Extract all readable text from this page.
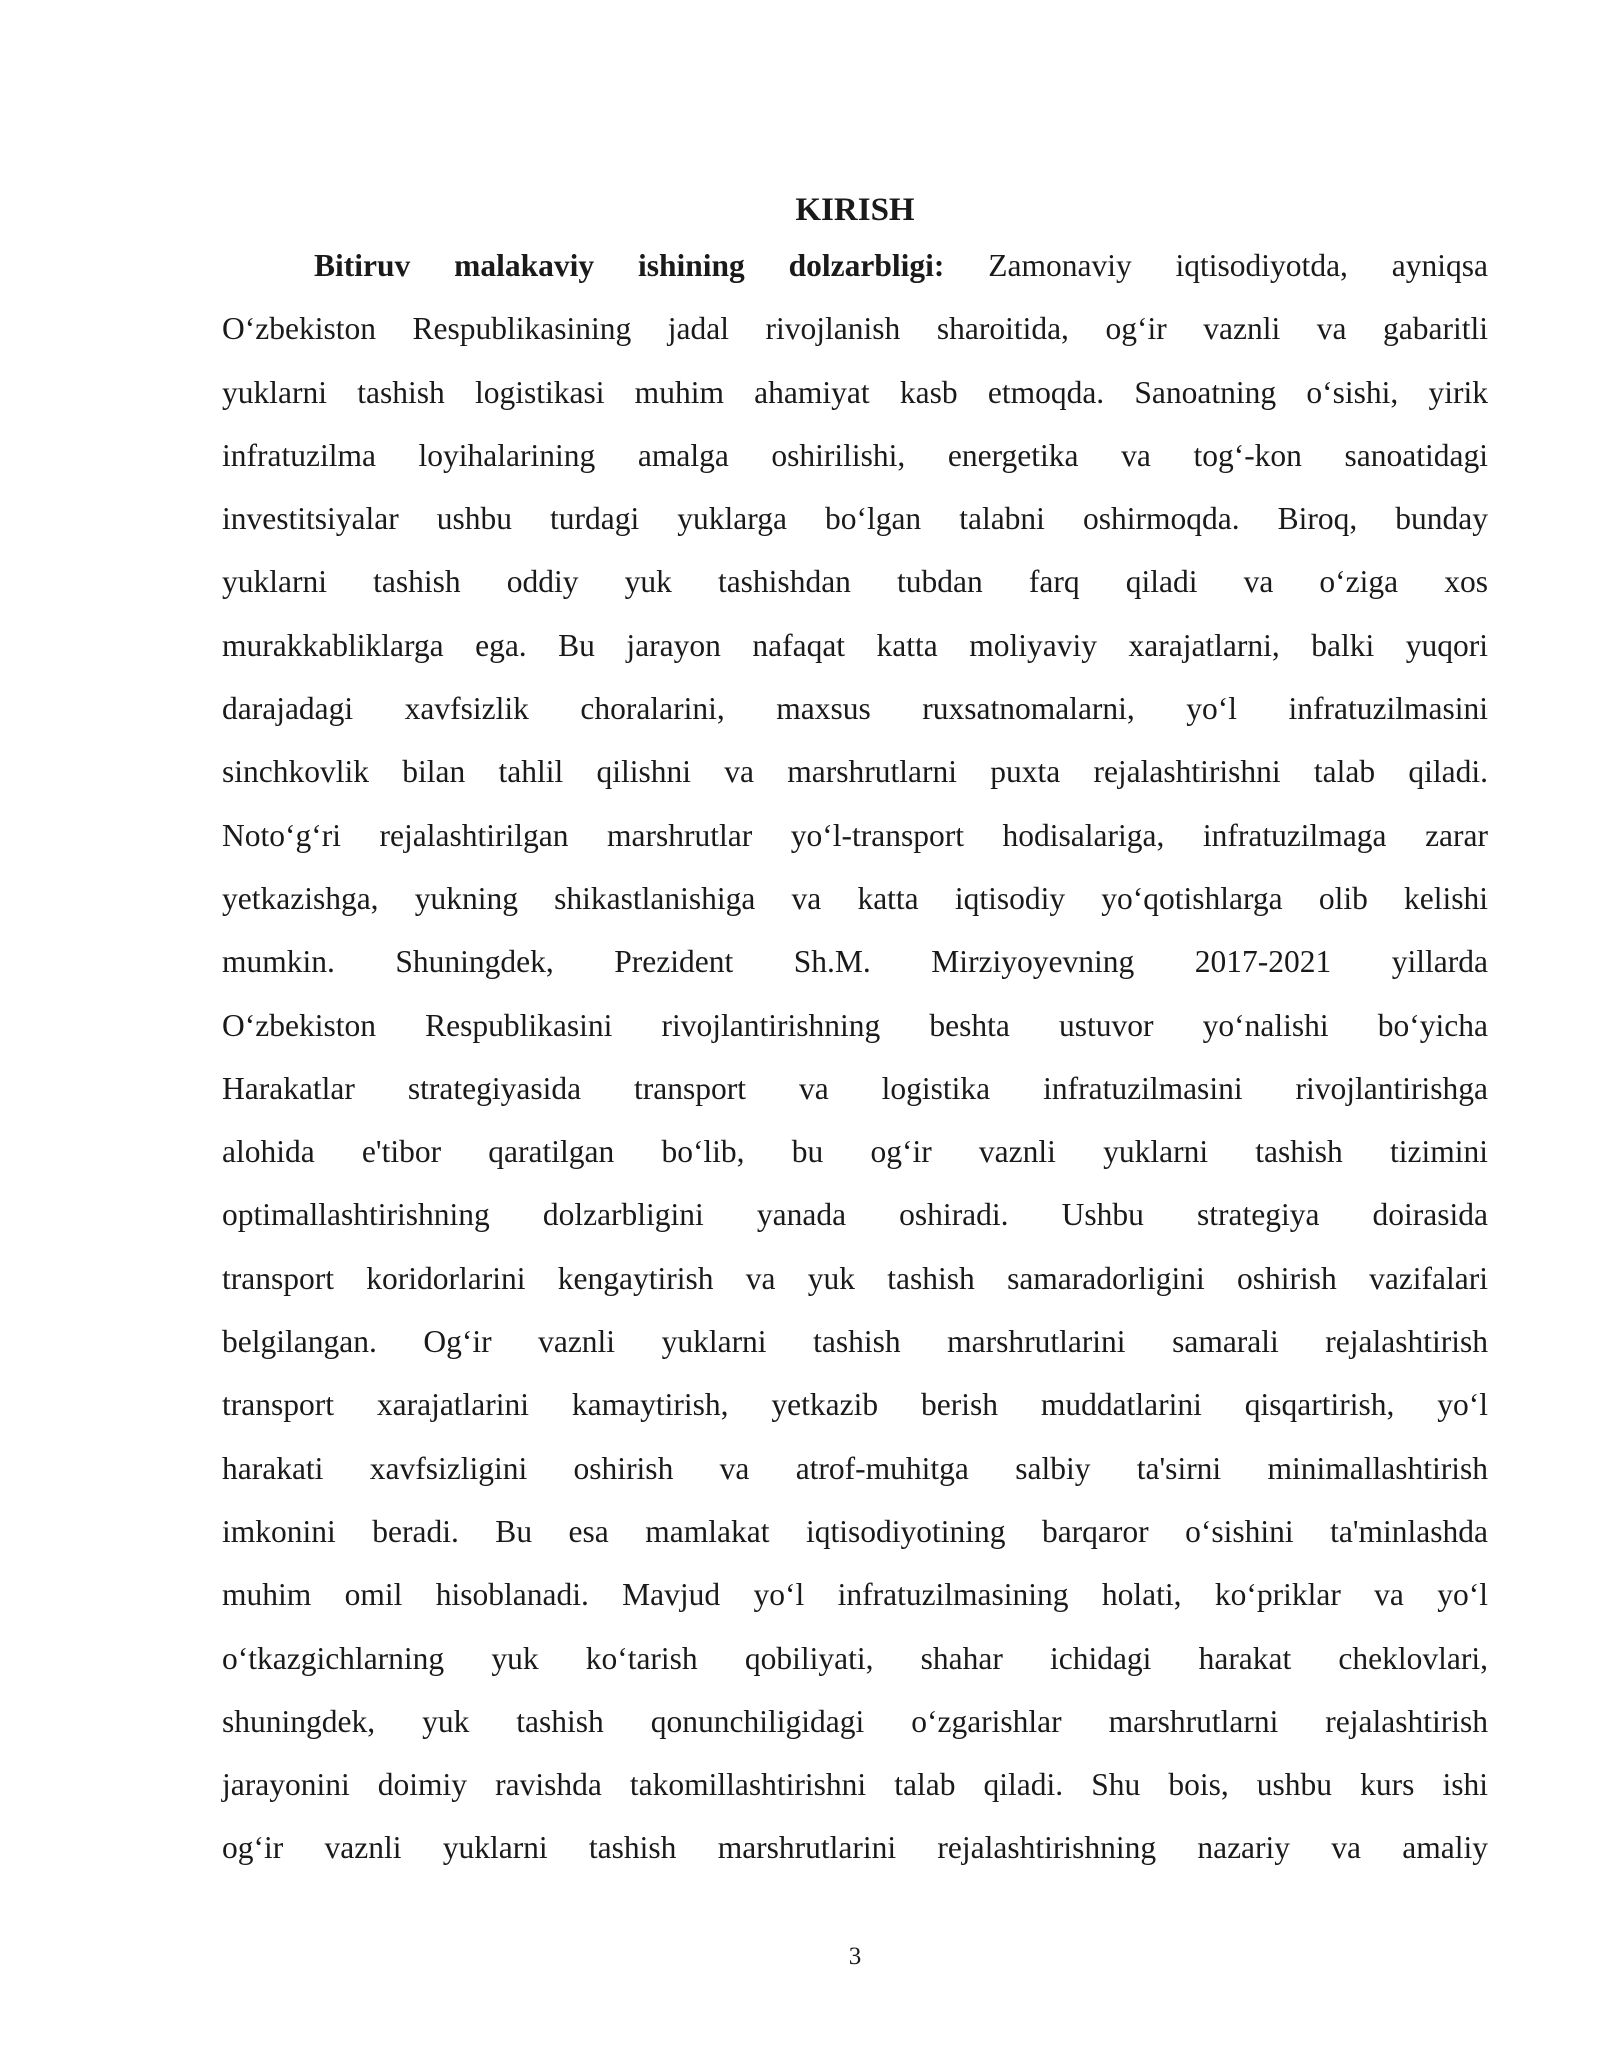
KIRISH
Bitiruv malakaviy ishining dolzarbligi: Zamonaviy iqtisodiyotda, ayniqsa
O‘zbekiston Respublikasining jadal rivojlanish sharoitida, og‘ir vaznli va gabaritli
yuklarni tashish logistikasi muhim ahamiyat kasb etmoqda. Sanoatning o‘sishi, yirik
infratuzilma loyihalarining amalga oshirilishi, energetika va tog‘-kon sanoatidagi
investitsiyalar ushbu turdagi yuklarga bo‘lgan talabni oshirmoqda. Biroq, bunday
yuklarni tashish oddiy yuk tashishdan tubdan farq qiladi va o‘ziga xos
murakkabliklarga ega. Bu jarayon nafaqat katta moliyaviy xarajatlarni, balki yuqori
darajadagi xavfsizlik choralarini, maxsus ruxsatnomalarni, yo‘l infratuzilmasini
sinchkovlik bilan tahlil qilishni va marshrutlarni puxta rejalashtirishni talab qiladi.
Noto‘g‘ri rejalashtirilgan marshrutlar yo‘l-transport hodisalariga, infratuzilmaga zarar
yetkazishga, yukning shikastlanishiga va katta iqtisodiy yo‘qotishlarga olib kelishi
mumkin. Shuningdek, Prezident Sh.M. Mirziyoyevning 2017-2021 yillarda
O‘zbekiston Respublikasini rivojlantirishning beshta ustuvor yo‘nalishi bo‘yicha
Harakatlar strategiyasida transport va logistika infratuzilmasini rivojlantirishga
alohida e'tibor qaratilgan bo‘lib, bu og‘ir vaznli yuklarni tashish tizimini
optimallashtirishning dolzarbligini yanada oshiradi. Ushbu strategiya doirasida
transport koridorlarini kengaytirish va yuk tashish samaradorligini oshirish vazifalari
belgilangan. Og‘ir vaznli yuklarni tashish marshrutlarini samarali rejalashtirish
transport xarajatlarini kamaytirish, yetkazib berish muddatlarini qisqartirish, yo‘l
harakati xavfsizligini oshirish va atrof-muhitga salbiy ta'sirni minimallashtirish
imkonini beradi. Bu esa mamlakat iqtisodiyotining barqaror o‘sishini ta'minlashda
muhim omil hisoblanadi. Mavjud yo‘l infratuzilmasining holati, ko‘priklar va yo‘l
o‘tkazgichlarning yuk ko‘tarish qobiliyati, shahar ichidagi harakat cheklovlari,
shuningdek, yuk tashish qonunchiligidagi o‘zgarishlar marshrutlarni rejalashtirish
jarayonini doimiy ravishda takomillashtirishni talab qiladi. Shu bois, ushbu kurs ishi
og‘ir vaznli yuklarni tashish marshrutlarini rejalashtirishning nazariy va amaliy
3
